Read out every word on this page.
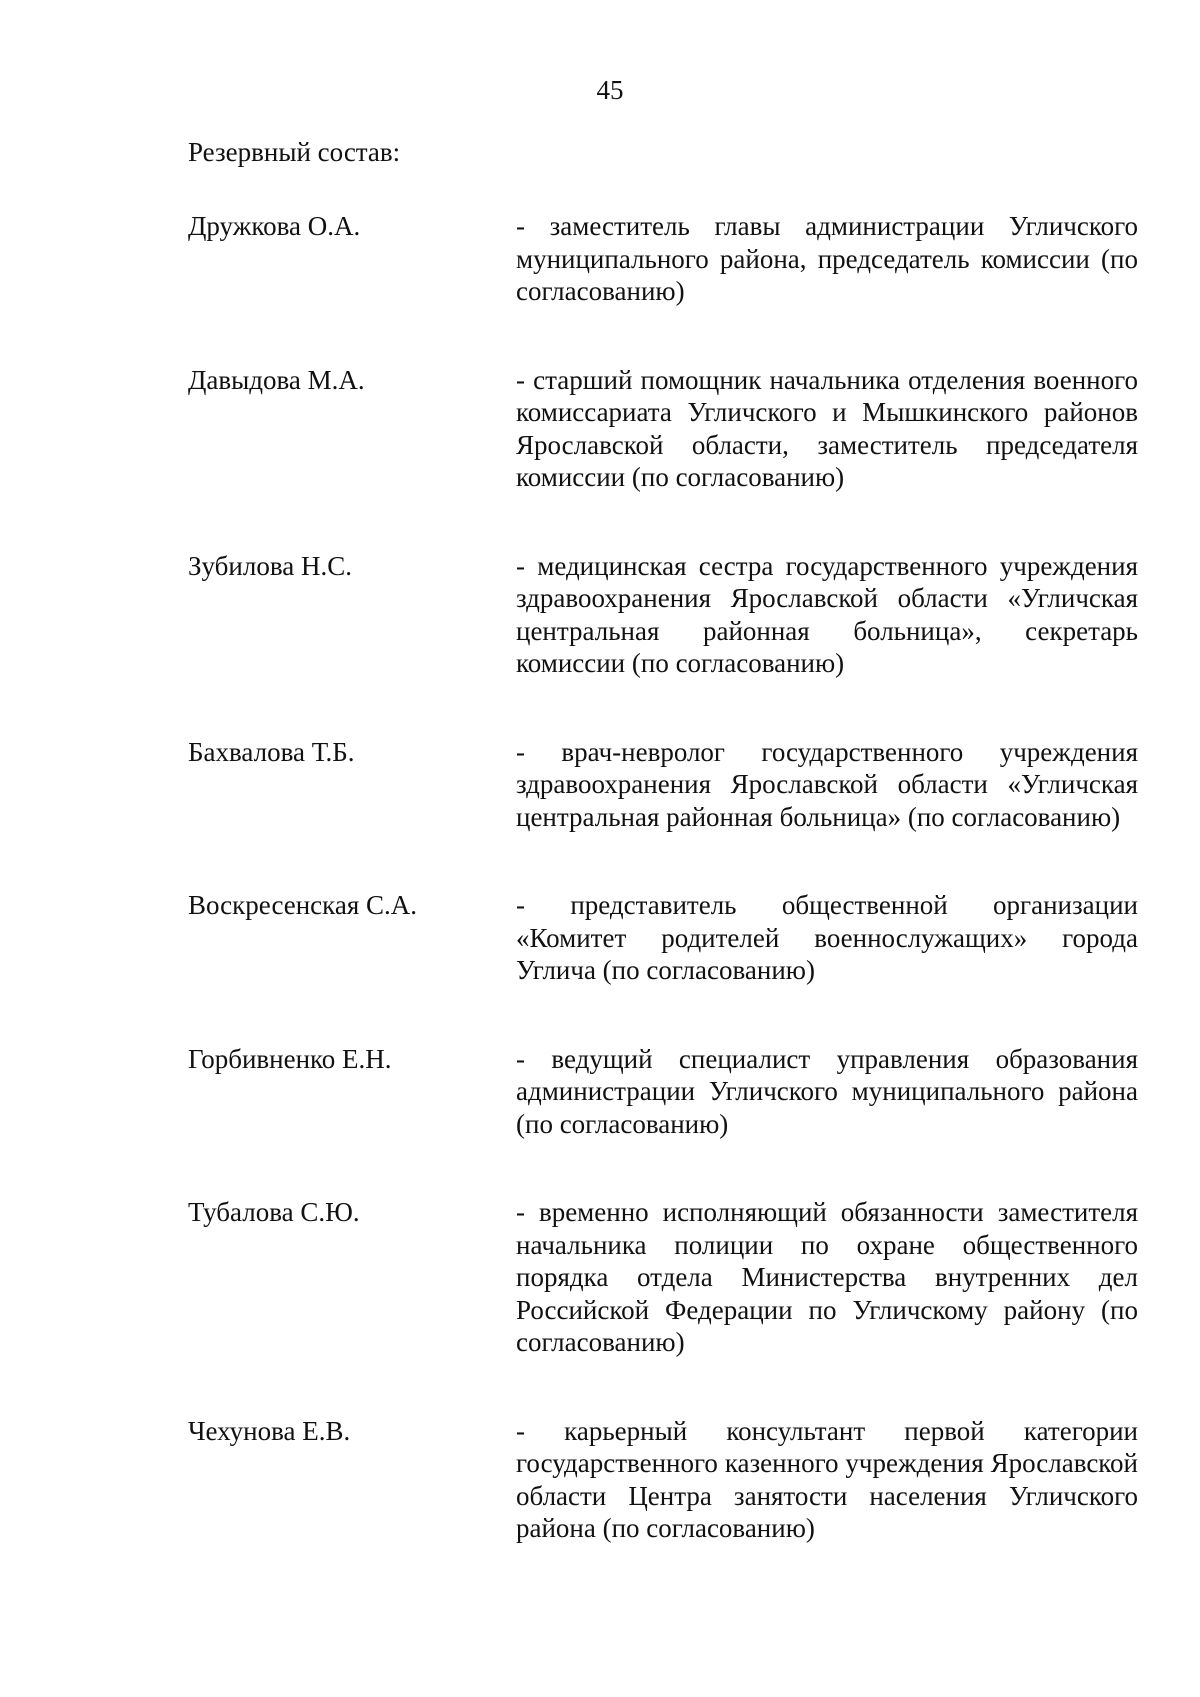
45
Резервный состав:
Дружкова О.А.	- заместитель главы администрации Угличского муниципального района, председатель комиссии (по согласованию)
Давыдова М.А.	- старший помощник начальника отделения военного комиссариата Угличского и Мышкинского районов Ярославской области, заместитель председателя комиссии (по согласованию)
Зубилова Н.С.	- медицинская сестра государственного учреждения здравоохранения Ярославской области «Угличская центральная районная больница», секретарь комиссии (по согласованию)
Бахвалова Т.Б.	- врач-невролог государственного учреждения здравоохранения Ярославской области «Угличская центральная районная больница» (по согласованию)
Воскресенская С.А.	- представитель общественной организации «Комитет родителей военнослужащих» города Углича (по согласованию)
Горбивненко Е.Н.	- ведущий специалист управления образования администрации Угличского муниципального района (по согласованию)
Тубалова С.Ю.	- временно исполняющий обязанности заместителя начальника полиции по охране общественного порядка отдела Министерства внутренних дел Российской Федерации по Угличскому району (по согласованию)
Чехунова Е.В.	- карьерный консультант первой категории государственного казенного учреждения Ярославской области Центра занятости населения Угличского района (по согласованию)
